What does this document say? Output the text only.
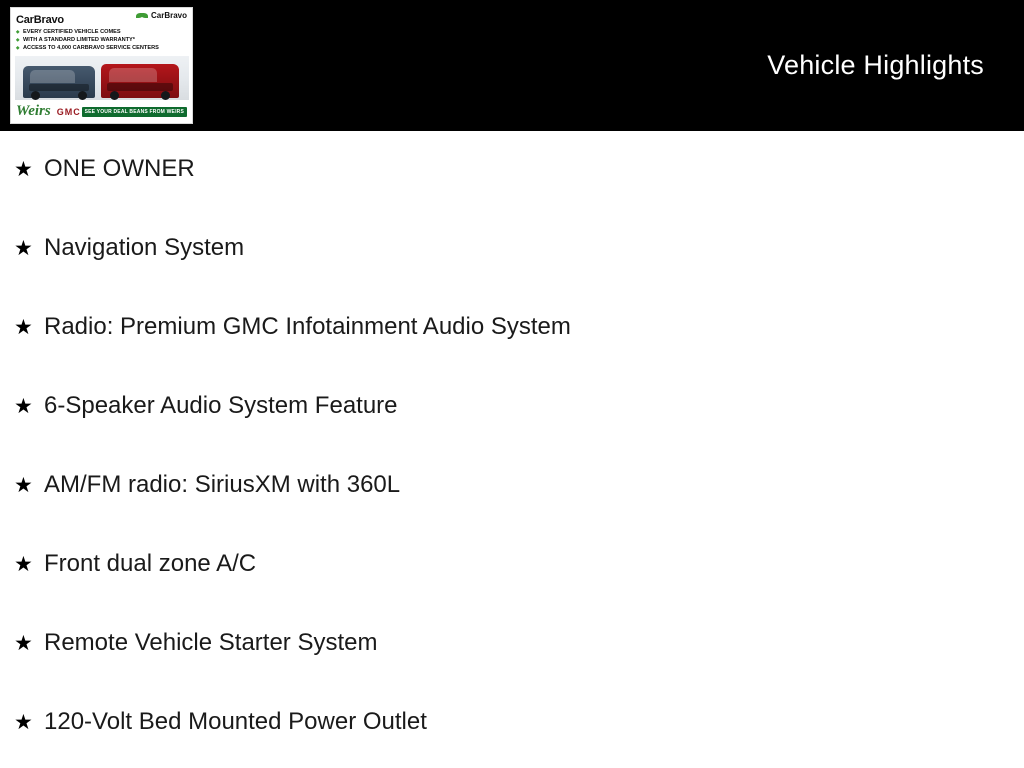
CarBravo	CarBravo
◆ EVERY CERTIFIED VEHICLE COMES
◆ WITH A STANDARD LIMITED WARRANTY*
◆ ACCESS TO 4,000 CARBRAVO SERVICE CENTERS
Weirs GMC SEE YOUR DEAL BEANS FROM WEIRS
Vehicle Highlights
★ ONE OWNER
★ Navigation System
★ Radio: Premium GMC Infotainment Audio System
★ 6-Speaker Audio System Feature
★ AM/FM radio: SiriusXM with 360L
★ Front dual zone A/C
★ Remote Vehicle Starter System
★ 120-Volt Bed Mounted Power Outlet
